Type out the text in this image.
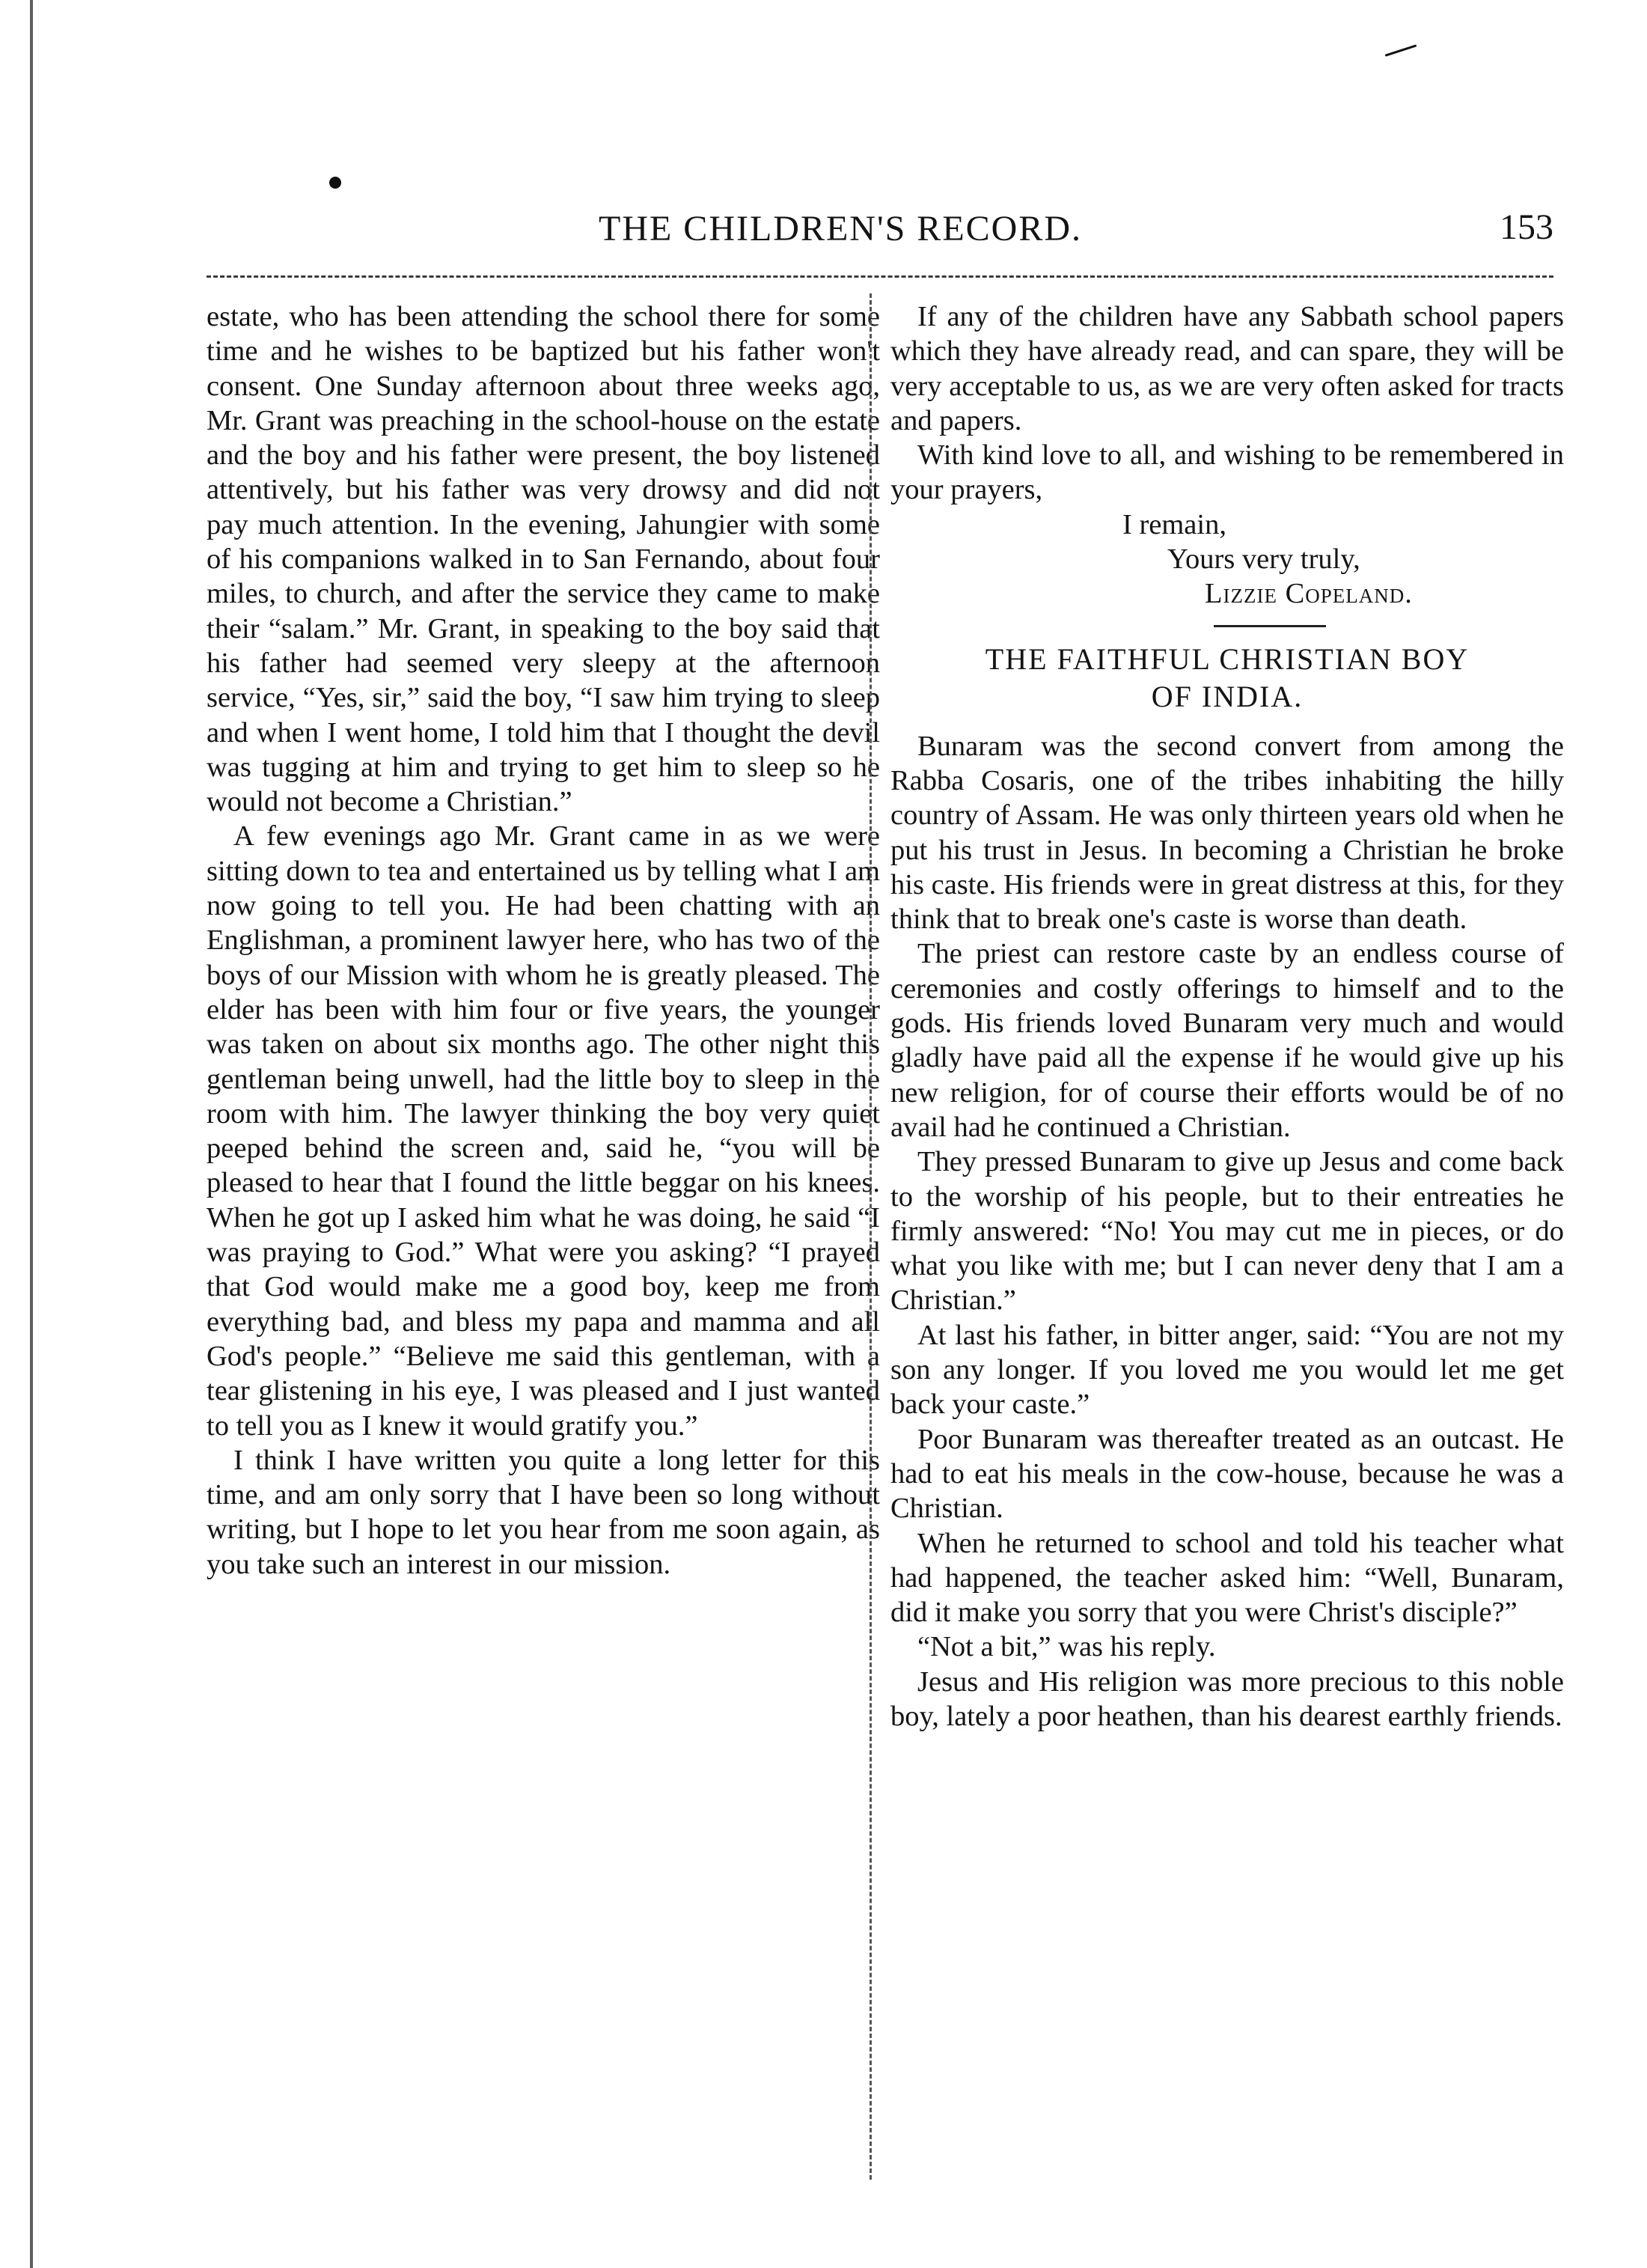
THE CHILDREN'S RECORD.	153

estate, who has been attending the school there for some time and he wishes to be baptized but his father won't consent. One Sunday afternoon about three weeks ago, Mr. Grant was preaching in the school-house on the estate and the boy and his father were present, the boy listened attentively, but his father was very drowsy and did not pay much attention. In the evening, Jahungier with some of his companions walked in to San Fernando, about four miles, to church, and after the service they came to make their “salam.” Mr. Grant, in speaking to the boy said that his father had seemed very sleepy at the afternoon service, “Yes, sir,” said the boy, “I saw him trying to sleep and when I went home, I told him that I thought the devil was tugging at him and trying to get him to sleep so he would not become a Christian.”

A few evenings ago Mr. Grant came in as we were sitting down to tea and entertained us by telling what I am now going to tell you. He had been chatting with an Englishman, a prominent lawyer here, who has two of the boys of our Mission with whom he is greatly pleased. The elder has been with him four or five years, the younger was taken on about six months ago. The other night this gentleman being unwell, had the little boy to sleep in the room with him. The lawyer thinking the boy very quiet peeped behind the screen and, said he, “you will be pleased to hear that I found the little beggar on his knees. When he got up I asked him what he was doing, he said “I was praying to God.” What were you asking? “I prayed that God would make me a good boy, keep me from everything bad, and bless my papa and mamma and all God's people.” “Believe me said this gentleman, with a tear glistening in his eye, I was pleased and I just wanted to tell you as I knew it would gratify you.”

I think I have written you quite a long letter for this time, and am only sorry that I have been so long without writing, but I hope to let you hear from me soon again, as you take such an interest in our mission.

If any of the children have any Sabbath school papers which they have already read, and can spare, they will be very acceptable to us, as we are very often asked for tracts and papers.

With kind love to all, and wishing to be remembered in your prayers,

I remain,
Yours very truly,
Lizzie Copeland.
THE FAITHFUL CHRISTIAN BOY
OF INDIA.

Bunaram was the second convert from among the Rabba Cosaris, one of the tribes inhabiting the hilly country of Assam. He was only thirteen years old when he put his trust in Jesus. In becoming a Christian he broke his caste. His friends were in great distress at this, for they think that to break one's caste is worse than death.

The priest can restore caste by an endless course of ceremonies and costly offerings to himself and to the gods. His friends loved Bunaram very much and would gladly have paid all the expense if he would give up his new religion, for of course their efforts would be of no avail had he continued a Christian.

They pressed Bunaram to give up Jesus and come back to the worship of his people, but to their entreaties he firmly answered: “No! You may cut me in pieces, or do what you like with me; but I can never deny that I am a Christian.”

At last his father, in bitter anger, said: “You are not my son any longer. If you loved me you would let me get back your caste.”

Poor Bunaram was thereafter treated as an outcast. He had to eat his meals in the cow-house, because he was a Christian.

When he returned to school and told his teacher what had happened, the teacher asked him: “Well, Bunaram, did it make you sorry that you were Christ's disciple?”

“Not a bit,” was his reply.

Jesus and His religion was more precious to this noble boy, lately a poor heathen, than his dearest earthly friends.
